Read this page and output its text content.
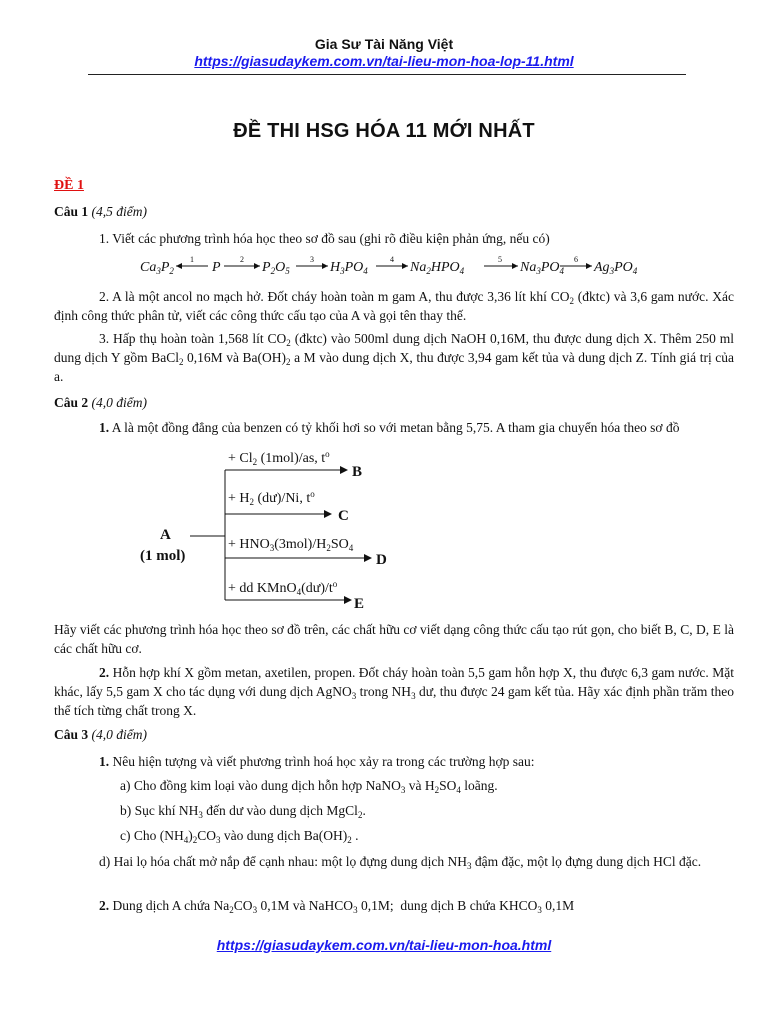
Gia Sư Tài Năng Việt
https://giasudaykem.com.vn/tai-lieu-mon-hoa-lop-11.html
ĐỀ THI HSG HÓA 11 MỚI NHẤT
ĐỀ 1
Câu 1 (4,5 điểm)
1. Viết các phương trình hóa học theo sơ đồ sau (ghi rõ điều kiện phản ứng, nếu có)
$Ca_3P_2$
1
P
2
$P_2O_5$
3
$H_3PO_4$
4
$Na_2HPO_4$
5
$Na_3PO_4$
6
$Ag_3PO_4$
2. A là một ancol no mạch hở. Đốt cháy hoàn toàn m gam A, thu được 3,36 lít khí $CO_2$ (đktc) và 3,6 gam nước. Xác định công thức phân tử, viết các công thức cấu tạo của A và gọi tên thay thế.
3. Hấp thụ hoàn toàn 1,568 lít $CO_2$ (đktc) vào 500ml dung dịch NaOH 0,16M, thu được dung dịch X. Thêm 250 ml dung dịch Y gồm BaCl$_2$ 0,16M và $Ba(OH)_2$ a M vào dung dịch X, thu được 3,94 gam kết tủa và dung dịch Z. Tính giá trị của a.
Câu 2 (4,0 điểm)
1. A là một đồng đẳng của benzen có tỷ khối hơi so với metan bằng 5,75. A tham gia chuyển hóa theo sơ đồ
A
(1 mol)
+ $Cl_2$ (1mol)/as, $t^o$
B
+ $H_2$ (dư)/Ni, $t^o$
C
+ $HNO_3(3mol)/H_2SO_4$
D
+ dd $KMnO_4(dư)/t^o$
E
Hãy viết các phương trình hóa học theo sơ đồ trên, các chất hữu cơ viết dạng công thức cấu tạo rút gọn, cho biết B, C, D, E là các chất hữu cơ.
2. Hỗn hợp khí X gồm metan, axetilen, propen. Đốt cháy hoàn toàn 5,5 gam hỗn hợp X, thu được 6,3 gam nước. Mặt khác, lấy 5,5 gam X cho tác dụng với dung dịch AgNO$_3$ trong $NH_3$ dư, thu được 24 gam kết tủa. Hãy xác định phần trăm theo thể tích từng chất trong X.
Câu 3 (4,0 điểm)
1. Nêu hiện tượng và viết phương trình hoá học xảy ra trong các trường hợp sau:
a) Cho đồng kim loại vào dung dịch hỗn hợp NaNO$_3$ và $H_2SO_4$ loãng.
b) Sục khí $NH_3$ đến dư vào dung dịch MgCl$_2$.
c) Cho $(NH_4)_2CO_3$ vào dung dịch $Ba(OH)_2$ .
d) Hai lọ hóa chất mở nắp để cạnh nhau: một lọ đựng dung dịch $NH_3$ đậm đặc, một lọ đựng dung dịch HCl đặc.
2. Dung dịch A chứa $Na_2CO_3$ 0,1M và NaHCO$_3$ 0,1M;  dung dịch B chứa $KHCO_3$ 0,1M
https://giasudaykem.com.vn/tai-lieu-mon-hoa.html
